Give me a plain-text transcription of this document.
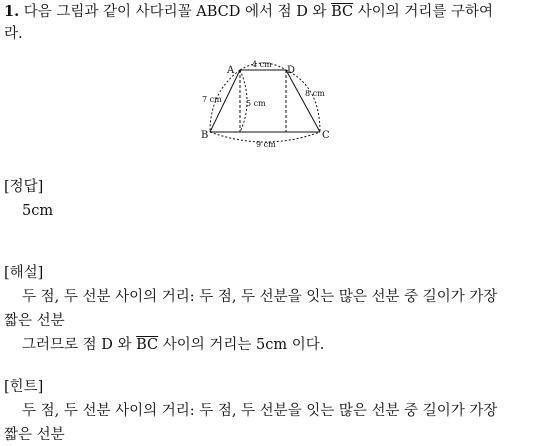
1. 다음 그림과 같이 사다리꼴 ABCD 에서 점 D 와 $\overline{BC}$ 사이의 거리를 구하여
라.
A	D
B	C
4 cm
7 cm
8 cm
5 cm
9 cm
[정답]
5cm
[해설]
두 점, 두 선분 사이의 거리: 두 점, 두 선분을 잇는 많은 선분 중 길이가 가장
짧은 선분
그러므로 점 D 와 $\overline{BC}$ 사이의 거리는 5cm 이다.
[힌트]
두 점, 두 선분 사이의 거리: 두 점, 두 선분을 잇는 많은 선분 중 길이가 가장
짧은 선분
